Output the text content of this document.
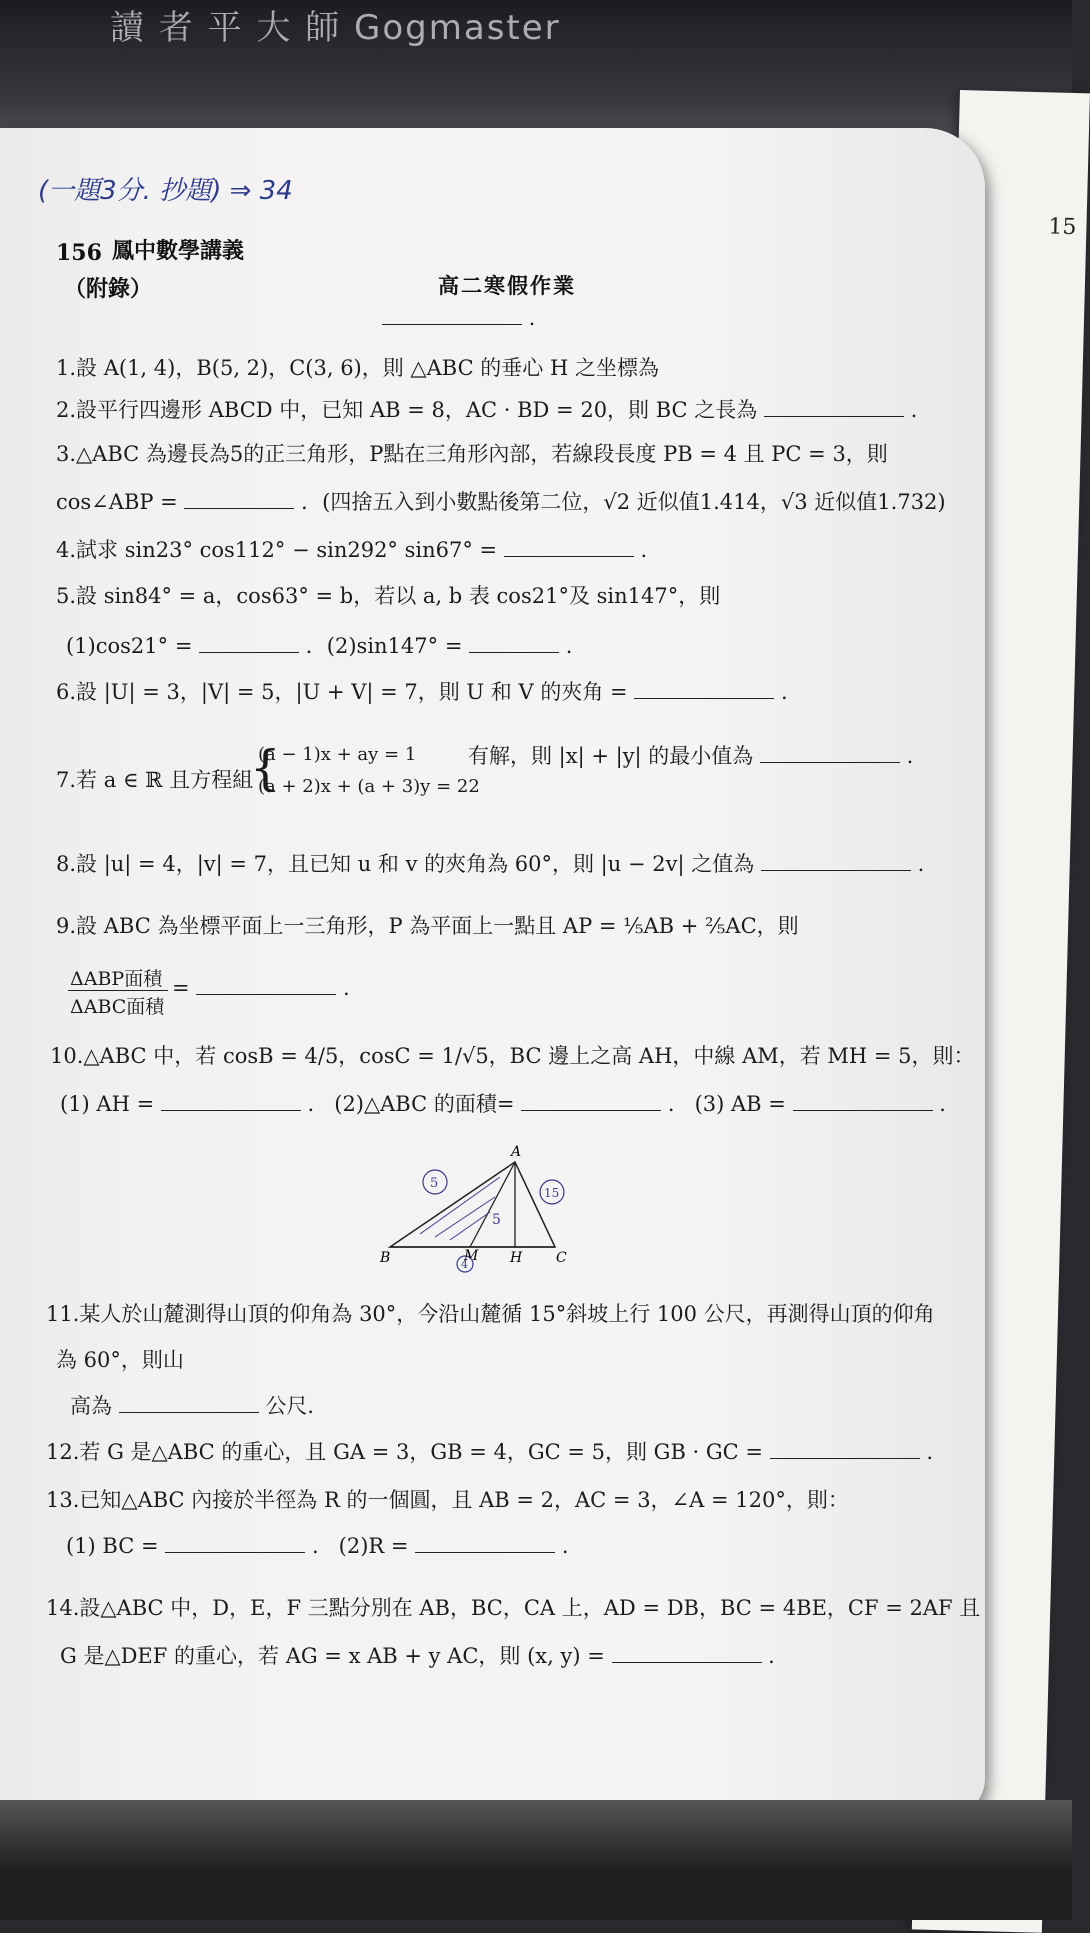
讀 者 平 大 師 Gogmaster
15
(一題3分. 抄題) ⇒ 34
156 鳳中數學講義
（附錄）	高二寒假作業
.
1.設 A(1, 4)，B(5, 2)，C(3, 6)，則 △ABC 的垂心 H 之坐標為
2.設平行四邊形 ABCD 中，已知 AB = 8，AC · BD = 20，則 BC 之長為	.
3.△ABC 為邊長為5的正三角形，P點在三角形內部，若線段長度 PB = 4 且 PC = 3，則
cos∠ABP =	．(四捨五入到小數點後第二位，√2 近似值1.414，√3 近似值1.732)
4.試求 sin23° cos112° − sin292° sin67° =	.
5.設 sin84° = a，cos63° = b，若以 a, b 表 cos21°及 sin147°，則
(1)cos21° =	．(2)sin147° =	.
6.設 |U| = 3，|V| = 5，|U + V| = 7，則 U 和 V 的夾角 =	.
7.若 a ∈ ℝ 且方程組
(a − 1)x + ay = 1
(a + 2)x + (a + 3)y = 22
{	有解，則 |x| + |y| 的最小值為	.
8.設 |u| = 4，|v| = 7，且已知 u 和 v 的夾角為 60°，則 |u − 2v| 之值為	.
9.設 ABC 為坐標平面上一三角形，P 為平面上一點且 AP = ⅕AB + ⅖AC，則
ΔABP面積
ΔABC面積
=	.
10.△ABC 中，若 cosB = 4/5，cosC = 1/√5，BC 邊上之高 AH，中線 AM，若 MH = 5，則：
(1) AH =	.   (2)△ABC 的面積=	.   (3) AB =	.
A
B	M H C
5
15
5
4
11.某人於山麓測得山頂的仰角為 30°，今沿山麓循 15°斜坡上行 100 公尺，再測得山頂的仰角
為 60°，則山
高為	公尺．
12.若 G 是△ABC 的重心，且 GA = 3，GB = 4，GC = 5，則 GB · GC =	.
13.已知△ABC 內接於半徑為 R 的一個圓，且 AB = 2，AC = 3，∠A = 120°，則：
(1) BC =	.   (2)R =	.
14.設△ABC 中，D，E，F 三點分別在 AB，BC，CA 上，AD = DB，BC = 4BE，CF = 2AF 且
G 是△DEF 的重心，若 AG = x AB + y AC，則 (x, y) =	.
